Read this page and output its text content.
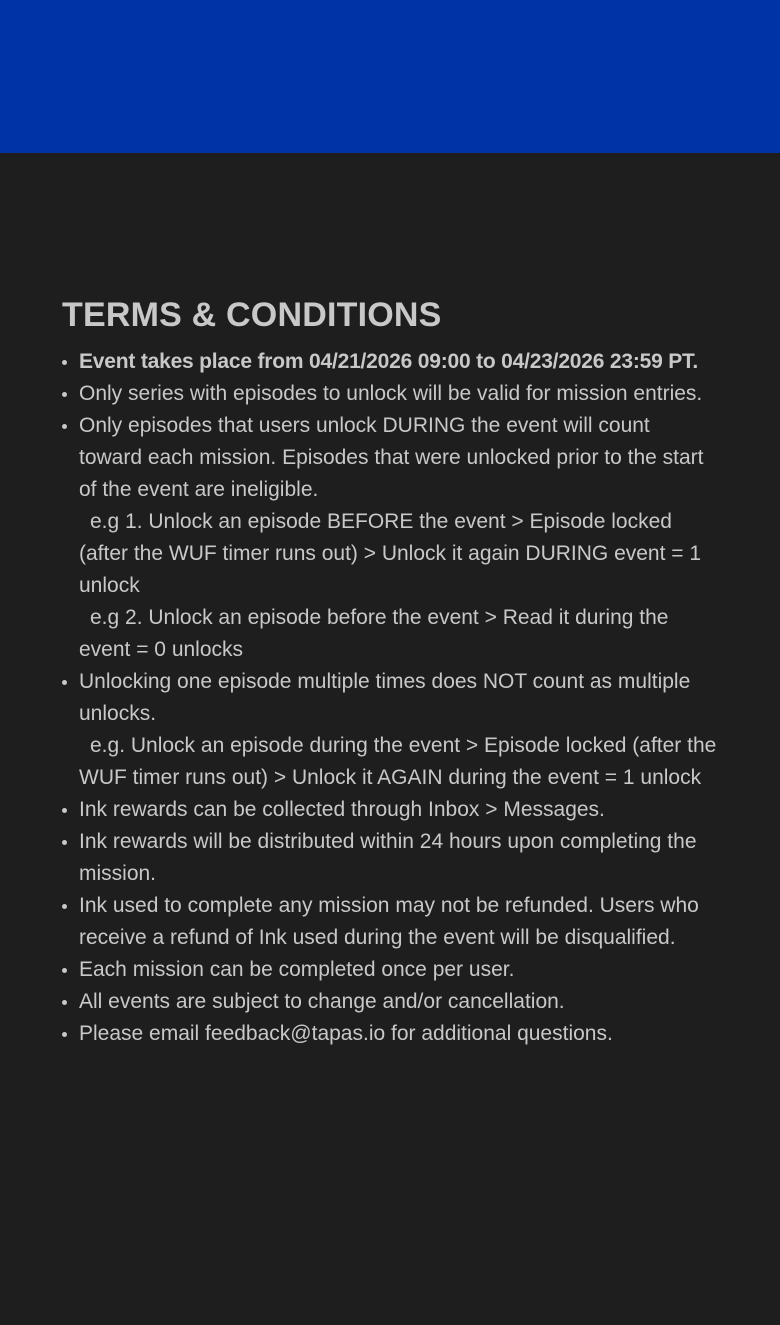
TERMS & CONDITIONS
• Event takes place from 04/21/2026 09:00 to 04/23/2026 23:59 PT.
• Only series with episodes to unlock will be valid for mission entries.
• Only episodes that users unlock DURING the event will count toward each mission. Episodes that were unlocked prior to the start of the event are ineligible.
e.g 1. Unlock an episode BEFORE the event > Episode locked (after the WUF timer runs out) > Unlock it again DURING event = 1 unlock
e.g 2. Unlock an episode before the event > Read it during the event = 0 unlocks
• Unlocking one episode multiple times does NOT count as multiple unlocks.
e.g. Unlock an episode during the event > Episode locked (after the WUF timer runs out) > Unlock it AGAIN during the event = 1 unlock
• Ink rewards can be collected through Inbox > Messages.
• Ink rewards will be distributed within 24 hours upon completing the mission.
• Ink used to complete any mission may not be refunded. Users who receive a refund of Ink used during the event will be disqualified.
• Each mission can be completed once per user.
• All events are subject to change and/or cancellation.
• Please email feedback@tapas.io for additional questions.
